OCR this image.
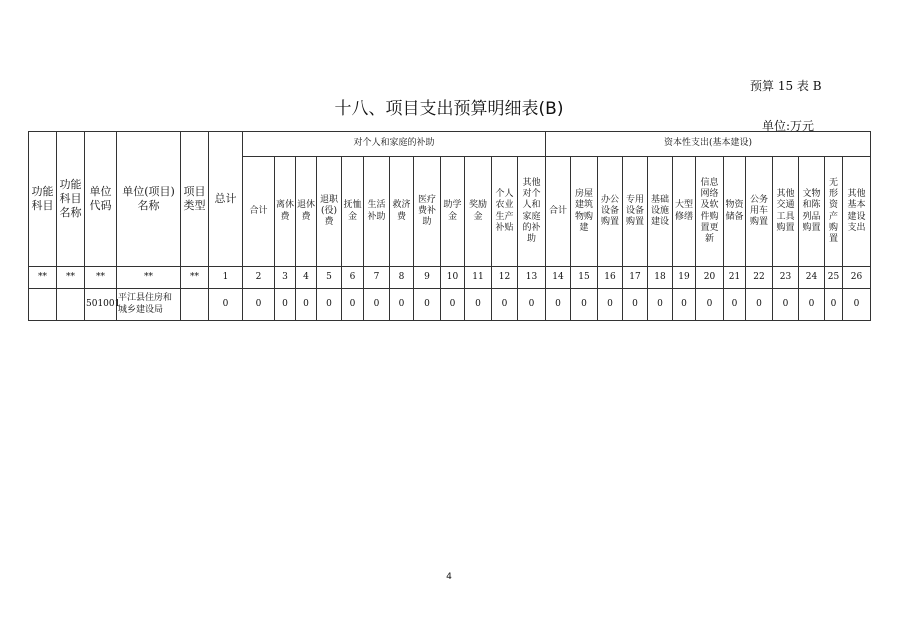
预算 15 表 B
十八、项目支出预算明细表(B)
单位:万元
功能科目	功能科目名称	单位代码	单位(项目)名称	项目类型	总计	对个人和家庭的补助												资本性支出(基本建设)												
						合计	离休费	退休费	退职(役)费	抚恤金	生活补助	救济费	医疗费补助	助学金	奖励金	个人农业生产补贴	其他对个人和家庭的补助	合计	房屋建筑物购建	办公设备购置	专用设备购置	基础设施建设	大型修缮	信息网络及软件购置更新	物资储备	公务用车购置	其他交通工具购置	文物和陈列品购置	无形资产购置	其他基本建设支出
**	**	**	**	**	1	2	3	4	5	6	7	8	9	10	11	12	13	14	15	16	17	18	19	20	21	22	23	24	25	26
		501001	平江县住房和城乡建设局		0	0	0	0	0	0	0	0	0	0	0	0	0	0	0	0	0	0	0	0	0	0	0	0	0	0
4
